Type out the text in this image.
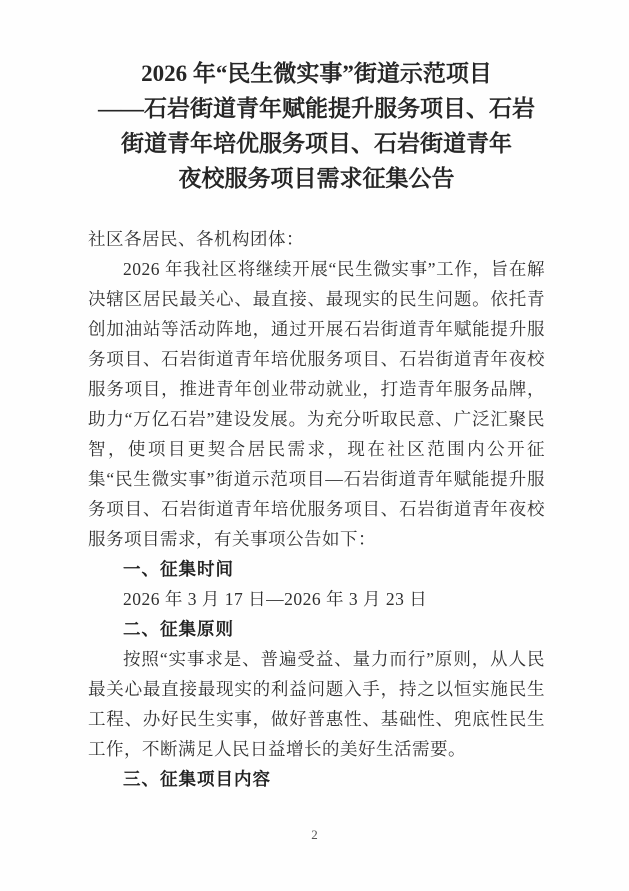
2026 年“民生微实事”街道示范项目
——石岩街道青年赋能提升服务项目、石岩
街道青年培优服务项目、石岩街道青年
夜校服务项目需求征集公告

社区各居民、各机构团体：

2026 年我社区将继续开展“民生微实事”工作，旨在解决辖区居民最关心、最直接、最现实的民生问题。依托青创加油站等活动阵地，通过开展石岩街道青年赋能提升服务项目、石岩街道青年培优服务项目、石岩街道青年夜校服务项目，推进青年创业带动就业，打造青年服务品牌，助力“万亿石岩”建设发展。为充分听取民意、广泛汇聚民智，使项目更契合居民需求，现在社区范围内公开征集“民生微实事”街道示范项目—石岩街道青年赋能提升服务项目、石岩街道青年培优服务项目、石岩街道青年夜校服务项目需求，有关事项公告如下：

一、征集时间

2026 年 3 月 17 日—2026 年 3 月 23 日

二、征集原则

按照“实事求是、普遍受益、量力而行”原则，从人民最关心最直接最现实的利益问题入手，持之以恒实施民生工程、办好民生实事，做好普惠性、基础性、兜底性民生工作，不断满足人民日益增长的美好生活需要。

三、征集项目内容

2
